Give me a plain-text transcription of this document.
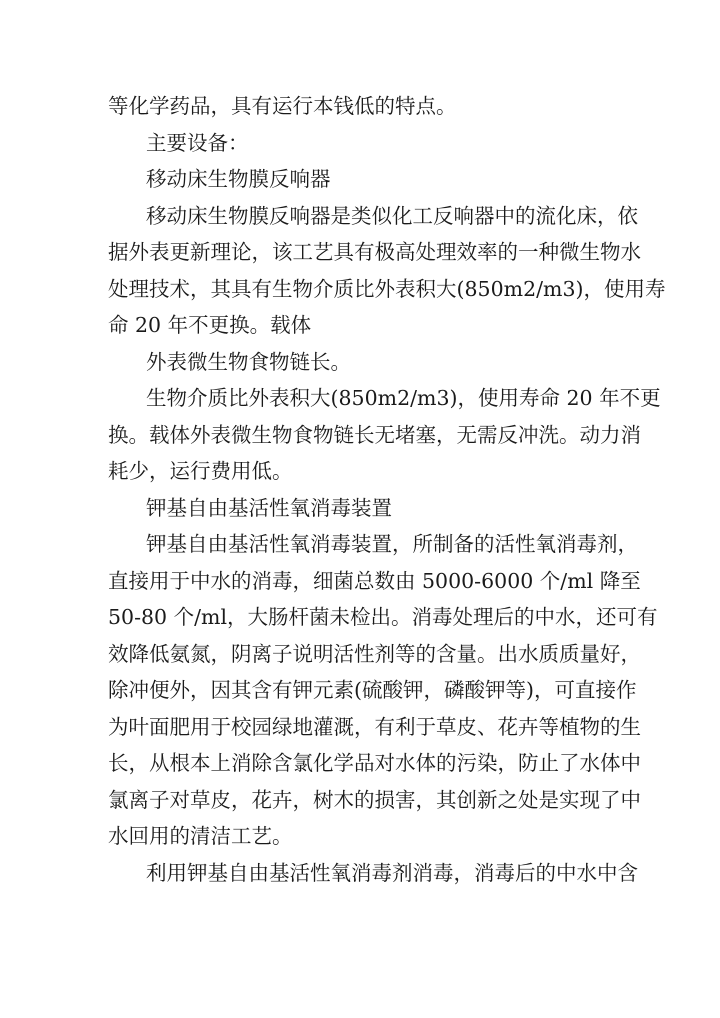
等化学药品，具有运行本钱低的特点。

主要设备：

移动床生物膜反响器

移动床生物膜反响器是类似化工反响器中的流化床，依
据外表更新理论，该工艺具有极高处理效率的一种微生物水
处理技术，其具有生物介质比外表积大(850m2/m3)，使用寿
命 20 年不更换。载体

外表微生物食物链长。

生物介质比外表积大(850m2/m3)，使用寿命 20 年不更
换。载体外表微生物食物链长无堵塞，无需反冲洗。动力消
耗少，运行费用低。

钾基自由基活性氧消毒装置

钾基自由基活性氧消毒装置，所制备的活性氧消毒剂，
直接用于中水的消毒，细菌总数由 5000-6000 个/ml 降至
50-80 个/ml，大肠杆菌未检出。消毒处理后的中水，还可有
效降低氨氮，阴离子说明活性剂等的含量。出水质质量好，
除冲便外，因其含有钾元素(硫酸钾，磷酸钾等)，可直接作
为叶面肥用于校园绿地灌溉，有利于草皮、花卉等植物的生
长，从根本上消除含氯化学品对水体的污染，防止了水体中
氯离子对草皮，花卉，树木的损害，其创新之处是实现了中
水回用的清洁工艺。

利用钾基自由基活性氧消毒剂消毒，消毒后的中水中含
